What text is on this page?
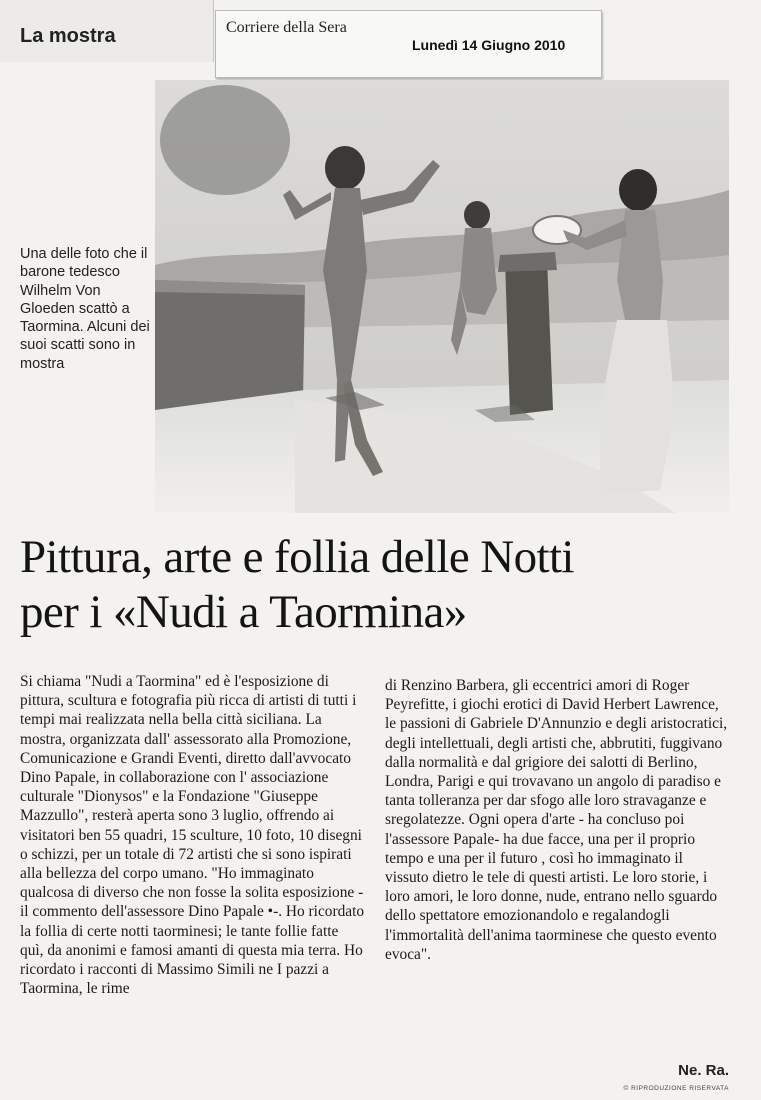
La mostra	Corriere della Sera
Lunedì 14 Giugno 2010
Una delle foto che il barone tedesco Wilhelm Von Gloeden scattò a Taormina. Alcuni dei suoi scatti sono in mostra
Pittura, arte e follia delle Notti
per i «Nudi a Taormina»

Si chiama "Nudi a Taormina" ed è l'esposizione di pittura, scultura e fotografia più ricca di artisti di tutti i tempi mai realizzata nella bella città siciliana. La mostra, organizzata dall' assessorato alla Promozione, Comunicazione e Grandi Eventi, diretto dall'avvocato Dino Papale, in collaborazione con l' associazione culturale "Dionysos" e la Fondazione "Giuseppe Mazzullo", resterà aperta sono 3 luglio, offrendo ai visitatori ben 55 quadri, 15 sculture, 10 foto, 10 disegni o schizzi, per un totale di 72 artisti che si sono ispirati alla bellezza del corpo umano. "Ho immaginato qualcosa di diverso che non fosse la solita esposizione - il commento dell'assessore Dino Papale •-. Ho ricordato la follia di certe notti taorminesi; le tante follie fatte quì, da anonimi e famosi amanti di questa mia terra. Ho ricordato i racconti di Massimo Simili ne I pazzi a Taormina, le rime

di Renzino Barbera, gli eccentrici amori di Roger Peyrefitte, i giochi erotici di David Herbert Lawrence, le passioni di Gabriele D'Annunzio e degli aristocratici, degli intellettuali, degli artisti che, abbrutiti, fuggivano dalla normalità e dal grigiore dei salotti di Berlino, Londra, Parigi e qui trovavano un angolo di paradiso e tanta tolleranza per dar sfogo alle loro stravaganze e sregolatezze. Ogni opera d'arte - ha concluso poi l'assessore Papale- ha due facce, una per il proprio tempo e una per il futuro , così ho immaginato il vissuto dietro le tele di questi artisti. Le loro storie, i loro amori, le loro donne, nude, entrano nello sguardo dello spettatore emozionandolo e regalandogli l'immortalità dell'anima taorminese che questo evento evoca".

Ne. Ra.
© RIPRODUZIONE RISERVATA
